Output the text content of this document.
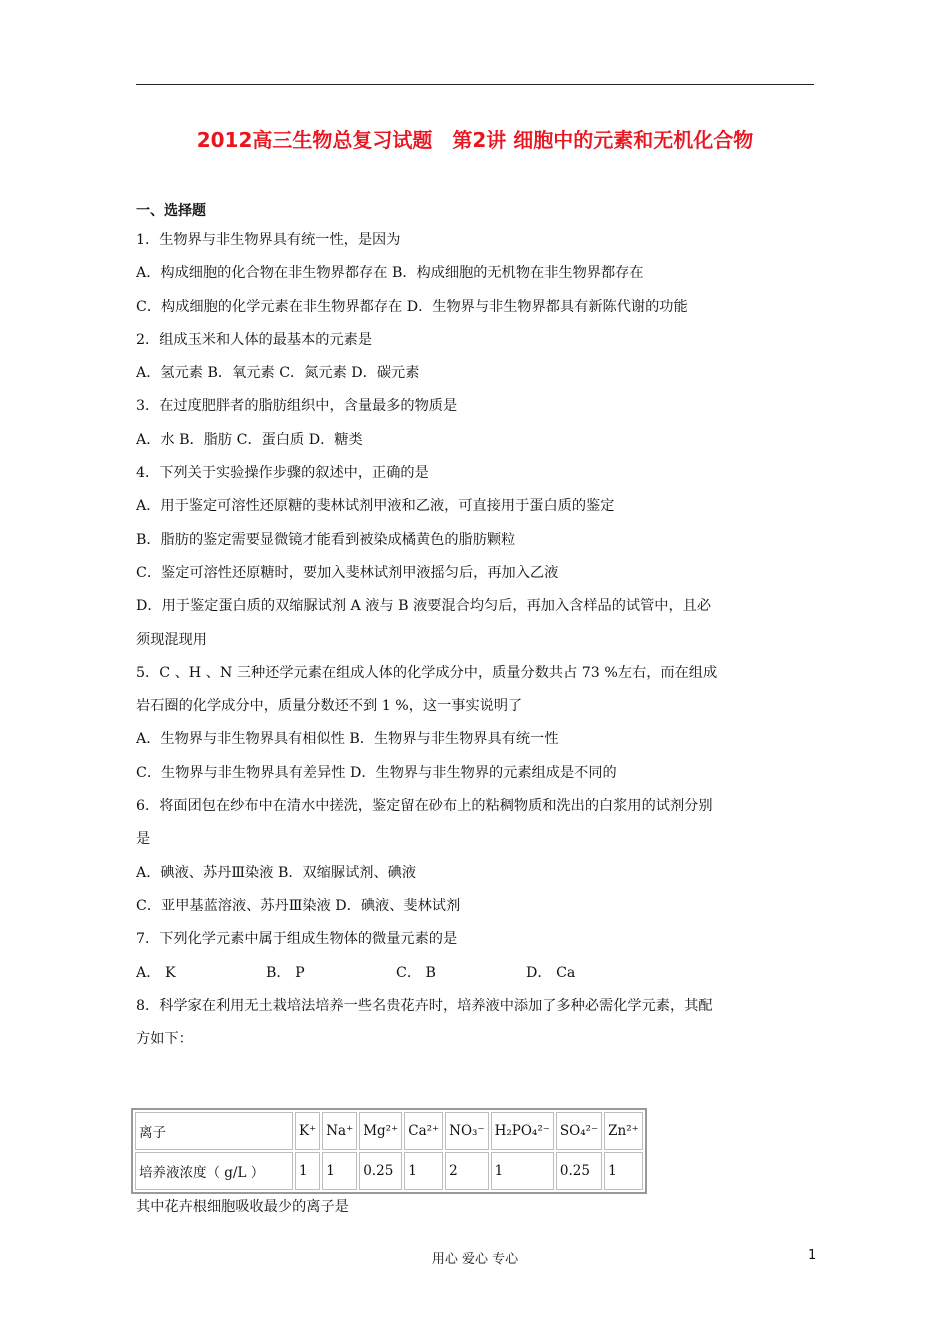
2012高三生物总复习试题　第2讲 细胞中的元素和无机化合物
一、选择题
1．生物界与非生物界具有统一性，是因为
A．构成细胞的化合物在非生物界都存在 B．构成细胞的无机物在非生物界都存在
C．构成细胞的化学元素在非生物界都存在 D．生物界与非生物界都具有新陈代谢的功能
2．组成玉米和人体的最基本的元素是
A．氢元素 B．氧元素 C．氮元素 D．碳元素
3．在过度肥胖者的脂肪组织中，含量最多的物质是
A．水 B．脂肪 C．蛋白质 D．糖类
4．下列关于实验操作步骤的叙述中，正确的是
A．用于鉴定可溶性还原糖的斐林试剂甲液和乙液，可直接用于蛋白质的鉴定
B．脂肪的鉴定需要显微镜才能看到被染成橘黄色的脂肪颗粒
C．鉴定可溶性还原糖时，要加入斐林试剂甲液摇匀后，再加入乙液
D．用于鉴定蛋白质的双缩脲试剂 A 液与 B 液要混合均匀后，再加入含样品的试管中，且必
须现混现用
5．C 、H 、N 三种还学元素在组成人体的化学成分中，质量分数共占 73 %左右，而在组成
岩石圈的化学成分中，质量分数还不到 1 %，这一事实说明了
A．生物界与非生物界具有相似性 B．生物界与非生物界具有统一性
C．生物界与非生物界具有差异性 D．生物界与非生物界的元素组成是不同的
6．将面团包在纱布中在清水中搓洗，鉴定留在砂布上的粘稠物质和洗出的白浆用的试剂分别
是
A．碘液、苏丹Ⅲ染液 B．双缩脲试剂、碘液
C．亚甲基蓝溶液、苏丹Ⅲ染液 D．碘液、斐林试剂
7．下列化学元素中属于组成生物体的微量元素的是
A． K	B． P	C． B	D． Ca
8．科学家在利用无土栽培法培养一些名贵花卉时，培养液中添加了多种必需化学元素，其配
方如下：
离子	K⁺	Na⁺	Mg²⁺	Ca²⁺	NO₃⁻	H₂PO₄²⁻	SO₄²⁻	Zn²⁺
培养液浓度（ g/L ）	1	1	0.25	1	2	1	0.25	1
其中花卉根细胞吸收最少的离子是
用心 爱心 专心	1
